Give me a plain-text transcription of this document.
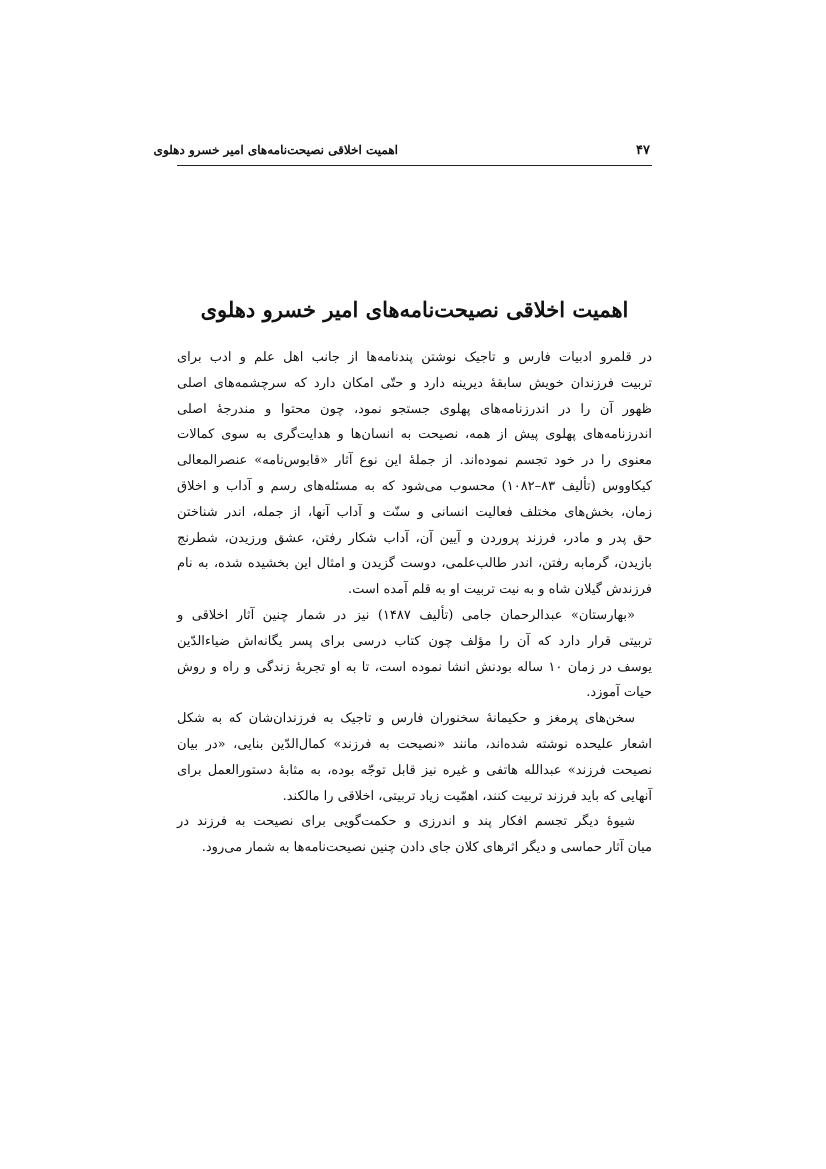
۴۷
اهمیت اخلاقی نصیحت‌نامه‌های امیر خسرو دهلوی
اهمیت اخلاقی نصیحت‌نامه‌های امیر خسرو دهلوی
در قلمرو ادبیات فارس و تاجیک نوشتن پندنامه‌ها از جانب اهل علم و ادب برای
تربیت فرزندان خویش سابقهٔ دیرینه دارد و حتّی امکان دارد که سرچشمه‌های اصلی
ظهور آن را در اندرزنامه‌های پهلوی جستجو نمود، چون محتوا و مندرجهٔ اصلی
اندرزنامه‌های پهلوی پیش از همه، نصیحت به انسان‌ها و هدایت‌گری به سوی کمالات
معنوی را در خود تجسم نموده‌اند. از جملهٔ این نوع آثار «قابوس‌نامه» عنصرالمعالی
کیکاووس (تألیف ۸۳–۱۰۸۲) محسوب می‌شود که به مسئله‌های رسم و آداب و اخلاق
زمان، بخش‌های مختلف فعالیت انسانی و سنّت و آداب آنها، از جمله، اندر شناختن
حق پدر و مادر، فرزند پروردن و آیین آن، آداب شکار رفتن، عشق ورزیدن، شطرنج
بازیدن، گرمابه رفتن، اندر طالب‌علمی، دوست گزیدن و امثال این بخشیده شده، به نام
فرزندش گیلان شاه و به نیت تربیت او به قلم آمده است.
«بهارستان» عبدالرحمان جامی (تألیف ۱۴۸۷) نیز در شمار چنین آثار اخلاقی و
تربیتی قرار دارد که آن را مؤلف چون کتاب درسی برای پسر یگانه‌اش ضیاءالدّین
یوسف در زمان ۱۰ ساله بودنش انشا نموده است، تا به او تجربهٔ زندگی و راه و روش
حیات آموزد.
سخن‌های پرمغز و حکیمانهٔ سخنوران فارس و تاجیک به فرزندان‌شان که به شکل
اشعار علیحده نوشته شده‌اند، مانند «نصیحت به فرزند» کمال‌الدّین بنایی، «در بیان
نصیحت فرزند» عبدالله هاتفی و غیره نیز قابل توجّه بوده، به مثابهٔ دستورالعمل برای
آنهایی که باید فرزند تربیت کنند، اهمّیت زیاد تربیتی، اخلاقی را مالکند.
شیوهٔ دیگر تجسم افکار پند و اندرزی و حکمت‌گویی برای نصیحت به فرزند در
میان آثار حماسی و دیگر اثرهای کلان جای دادن چنین نصیحت‌نامه‌ها به شمار می‌رود.
